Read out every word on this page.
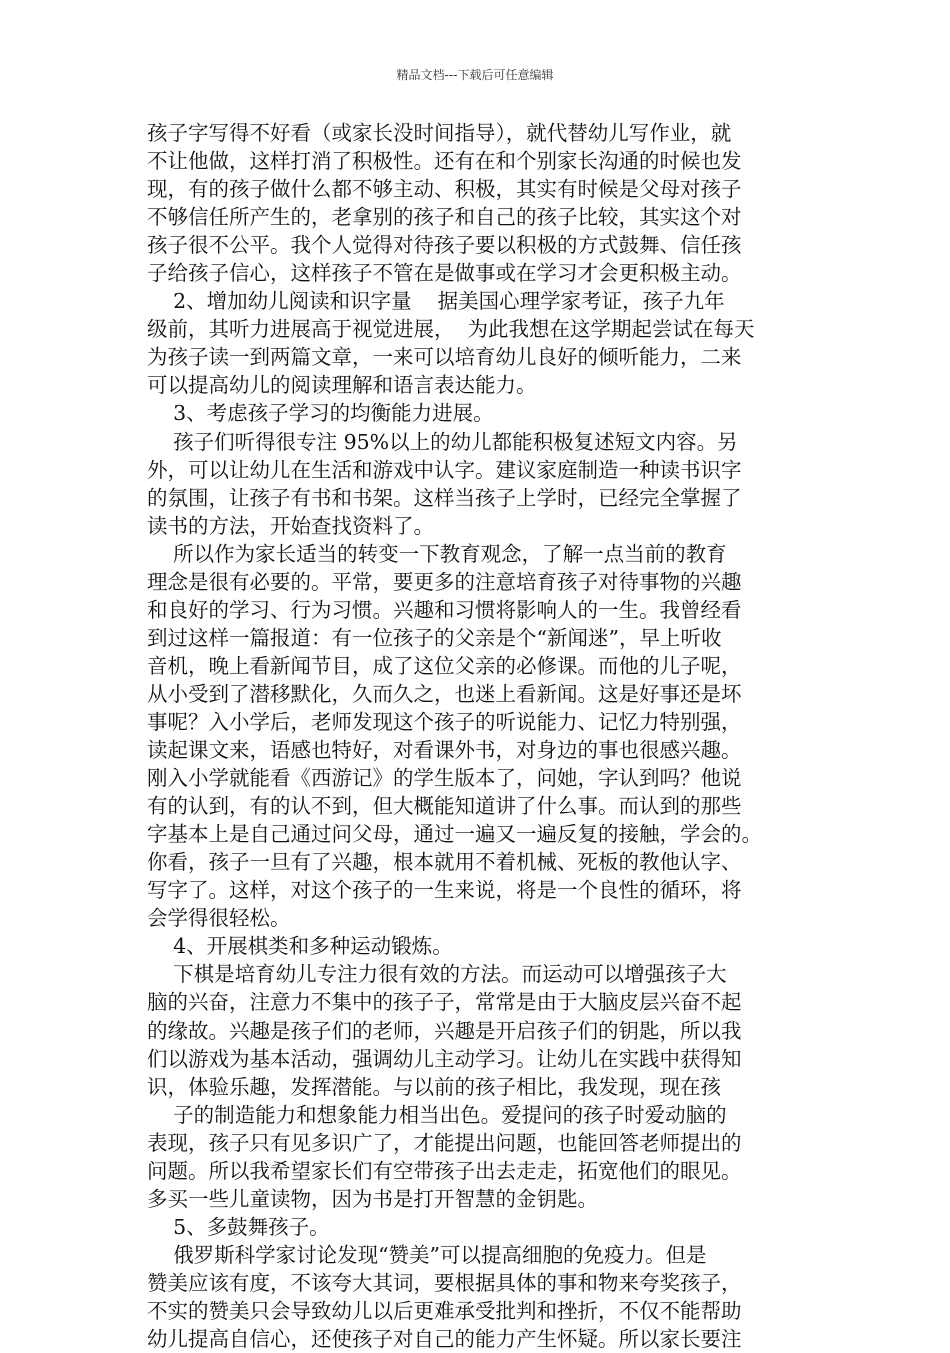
精品文档---下载后可任意编辑
孩子字写得不好看（或家长没时间指导），就代替幼儿写作业，就
不让他做，这样打消了积极性。还有在和个别家长沟通的时候也发
现，有的孩子做什么都不够主动、积极，其实有时候是父母对孩子
不够信任所产生的，老拿别的孩子和自己的孩子比较，其实这个对
孩子很不公平。我个人觉得对待孩子要以积极的方式鼓舞、信任孩
子给孩子信心，这样孩子不管在是做事或在学习才会更积极主动。
2、增加幼儿阅读和识字量    据美国心理学家考证，孩子九年
级前，其听力进展高于视觉进展，  为此我想在这学期起尝试在每天
为孩子读一到两篇文章，一来可以培育幼儿良好的倾听能力，二来
可以提高幼儿的阅读理解和语言表达能力。
3、考虑孩子学习的均衡能力进展。
孩子们听得很专注 95%以上的幼儿都能积极复述短文内容。另
外，可以让幼儿在生活和游戏中认字。建议家庭制造一种读书识字
的氛围，让孩子有书和书架。这样当孩子上学时，已经完全掌握了
读书的方法，开始查找资料了。
所以作为家长适当的转变一下教育观念，了解一点当前的教育
理念是很有必要的。平常，要更多的注意培育孩子对待事物的兴趣
和良好的学习、行为习惯。兴趣和习惯将影响人的一生。我曾经看
到过这样一篇报道：有一位孩子的父亲是个“新闻迷”，早上听收
音机，晚上看新闻节目，成了这位父亲的必修课。而他的儿子呢，
从小受到了潜移默化，久而久之，也迷上看新闻。这是好事还是坏
事呢？入小学后，老师发现这个孩子的听说能力、记忆力特别强，
读起课文来，语感也特好，对看课外书，对身边的事也很感兴趣。
刚入小学就能看《西游记》的学生版本了，问她，字认到吗？他说
有的认到，有的认不到，但大概能知道讲了什么事。而认到的那些
字基本上是自己通过问父母，通过一遍又一遍反复的接触，学会的。
你看，孩子一旦有了兴趣，根本就用不着机械、死板的教他认字、
写字了。这样，对这个孩子的一生来说，将是一个良性的循环，将
会学得很轻松。
4、开展棋类和多种运动锻炼。
下棋是培育幼儿专注力很有效的方法。而运动可以增强孩子大
脑的兴奋，注意力不集中的孩子子，常常是由于大脑皮层兴奋不起
的缘故。兴趣是孩子们的老师，兴趣是开启孩子们的钥匙，所以我
们以游戏为基本活动，强调幼儿主动学习。让幼儿在实践中获得知
识，体验乐趣，发挥潜能。与以前的孩子相比，我发现，现在孩
子的制造能力和想象能力相当出色。爱提问的孩子时爱动脑的
表现，孩子只有见多识广了，才能提出问题，也能回答老师提出的
问题。所以我希望家长们有空带孩子出去走走，拓宽他们的眼见。
多买一些儿童读物，因为书是打开智慧的金钥匙。
5、多鼓舞孩子。
俄罗斯科学家讨论发现“赞美”可以提高细胞的免疫力。但是
赞美应该有度，不该夸大其词，要根据具体的事和物来夸奖孩子，
不实的赞美只会导致幼儿以后更难承受批判和挫折，不仅不能帮助
幼儿提高自信心，还使孩子对自己的能力产生怀疑。所以家长要注
